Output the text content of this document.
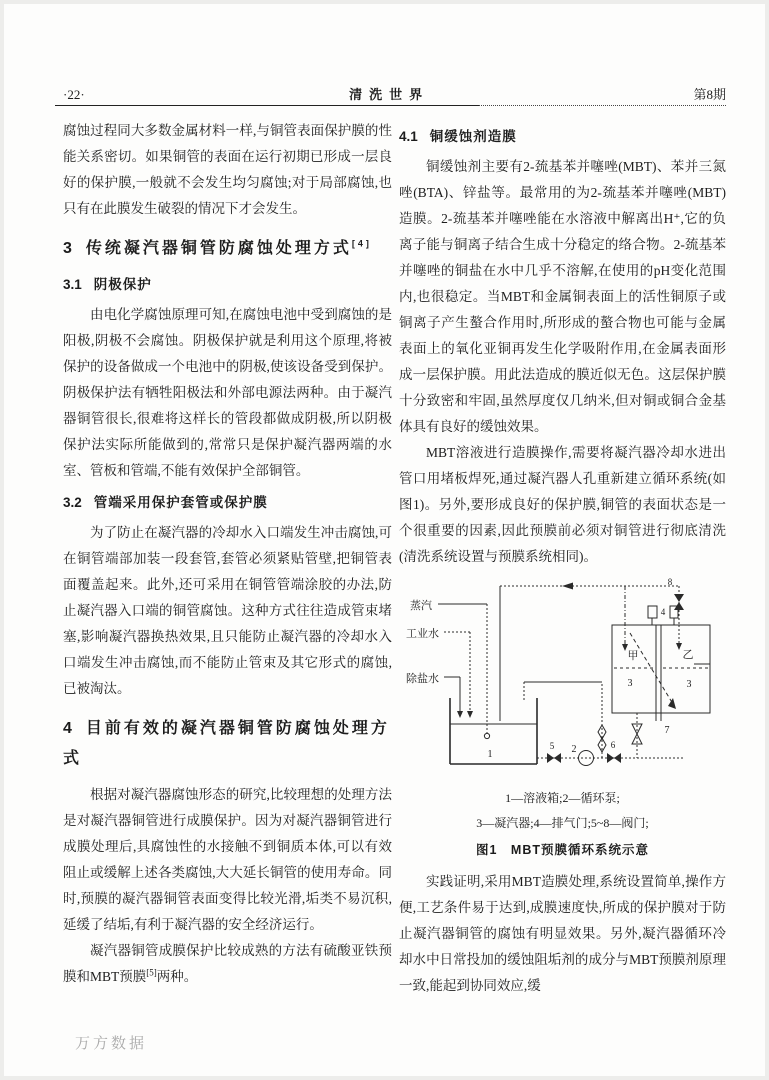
·22·	清洗世界	第8期

腐蚀过程同大多数金属材料一样,与铜管表面保护膜的性能关系密切。如果铜管的表面在运行初期已形成一层良好的保护膜,一般就不会发生均匀腐蚀;对于局部腐蚀,也只有在此膜发生破裂的情况下才会发生。

3 传统凝汽器铜管防腐蚀处理方式[4]
3.1 阴极保护

由电化学腐蚀原理可知,在腐蚀电池中受到腐蚀的是阳极,阴极不会腐蚀。阴极保护就是利用这个原理,将被保护的设备做成一个电池中的阴极,使该设备受到保护。阴极保护法有牺牲阳极法和外部电源法两种。由于凝汽器铜管很长,很难将这样长的管段都做成阴极,所以阴极保护法实际所能做到的,常常只是保护凝汽器两端的水室、管板和管端,不能有效保护全部铜管。

3.2 管端采用保护套管或保护膜

为了防止在凝汽器的冷却水入口端发生冲击腐蚀,可在铜管端部加装一段套管,套管必须紧贴管壁,把铜管表面覆盖起来。此外,还可采用在铜管管端涂胶的办法,防止凝汽器入口端的铜管腐蚀。这种方式往往造成管束堵塞,影响凝汽器换热效果,且只能防止凝汽器的冷却水入口端发生冲击腐蚀,而不能防止管束及其它形式的腐蚀,已被淘汰。

4 目前有效的凝汽器铜管防腐蚀处理方式

根据对凝汽器腐蚀形态的研究,比较理想的处理方法是对凝汽器铜管进行成膜保护。因为对凝汽器铜管进行成膜处理后,具腐蚀性的水接触不到铜质本体,可以有效阻止或缓解上述各类腐蚀,大大延长铜管的使用寿命。同时,预膜的凝汽器铜管表面变得比较光滑,垢类不易沉积,延缓了结垢,有利于凝汽器的安全经济运行。

凝汽器铜管成膜保护比较成熟的方法有硫酸亚铁预膜和MBT预膜[5]两种。

4.1 铜缓蚀剂造膜

铜缓蚀剂主要有2-巯基苯并噻唑(MBT)、苯并三氮唑(BTA)、锌盐等。最常用的为2-巯基苯并噻唑(MBT)造膜。2-巯基苯并噻唑能在水溶液中解离出H⁺,它的负离子能与铜离子结合生成十分稳定的络合物。2-巯基苯并噻唑的铜盐在水中几乎不溶解,在使用的pH变化范围内,也很稳定。当MBT和金属铜表面上的活性铜原子或铜离子产生螯合作用时,所形成的螯合物也可能与金属表面上的氧化亚铜再发生化学吸附作用,在金属表面形成一层保护膜。用此法造成的膜近似无色。这层保护膜十分致密和牢固,虽然厚度仅几纳米,但对铜或铜合金基体具有良好的缓蚀效果。

MBT溶液进行造膜操作,需要将凝汽器冷却水进出管口用堵板焊死,通过凝汽器人孔重新建立循环系统(如图1)。另外,要形成良好的保护膜,铜管的表面状态是一个很重要的因素,因此预膜前必须对铜管进行彻底清洗(清洗系统设置与预膜系统相同)。

蒸汽
工业水
除盐水
1	2
5	6
7
8
4
甲	乙
3	3

1—溶液箱;2—循环泵;

3—凝汽器;4—排气门;5~8—阀门;

图1　MBT预膜循环系统示意

实践证明,采用MBT造膜处理,系统设置简单,操作方便,工艺条件易于达到,成膜速度快,所成的保护膜对于防止凝汽器铜管的腐蚀有明显效果。另外,凝汽器循环冷却水中日常投加的缓蚀阻垢剂的成分与MBT预膜剂原理一致,能起到协同效应,缓

万方数据
